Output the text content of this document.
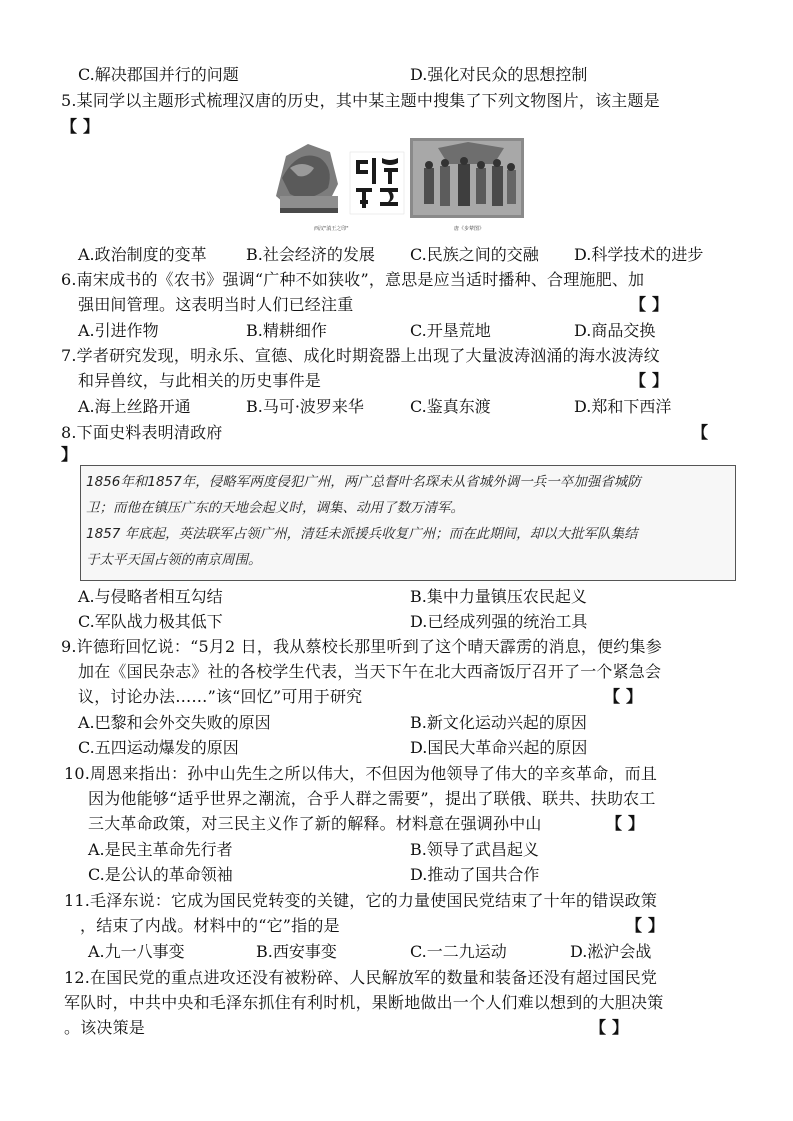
C.解决郡国并行的问题	D.强化对民众的思想控制
5.某同学以主题形式梳理汉唐的历史，其中某主题中搜集了下列文物图片，该主题是
【 】
西汉"滇王之印"	唐《步辇图》
A.政治制度的变革 B.社会经济的发展 C.民族之间的交融 D.科学技术的进步
6.南宋成书的《农书》强调“广种不如狭收”，意思是应当适时播种、合理施肥、加
强田间管理。这表明当时人们已经注重	【 】
A.引进作物	B.精耕细作	C.开垦荒地	D.商品交换
7.学者研究发现，明永乐、宣德、成化时期瓷器上出现了大量波涛汹涌的海水波涛纹
和异兽纹，与此相关的历史事件是	【 】
A.海上丝路开通	B.马可·波罗来华	C.鉴真东渡	D.郑和下西洋
8.下面史料表明清政府	【
】
1856年和1857年，侵略军两度侵犯广州，两广总督叶名琛未从省城外调一兵一卒加强省城防
卫；而他在镇压广东的天地会起义时，调集、动用了数万清军。
1857 年底起，英法联军占领广州，清廷未派援兵收复广州；而在此期间，却以大批军队集结
于太平天国占领的南京周围。
A.与侵略者相互勾结	B.集中力量镇压农民起义
C.军队战力极其低下	D.已经成列强的统治工具
9.许德珩回忆说：“5月2 日，我从蔡校长那里听到了这个晴天霹雳的消息，便约集参
加在《国民杂志》社的各校学生代表，当天下午在北大西斋饭厅召开了一个紧急会
议，讨论办法……”该“回忆”可用于研究	【 】
A.巴黎和会外交失败的原因	B.新文化运动兴起的原因
C.五四运动爆发的原因	D.国民大革命兴起的原因
10.周恩来指出：孙中山先生之所以伟大，不但因为他领导了伟大的辛亥革命，而且
因为他能够“适乎世界之潮流，合乎人群之需要”，提出了联俄、联共、扶助农工
三大革命政策，对三民主义作了新的解释。材料意在强调孙中山	【 】
A.是民主革命先行者	B.领导了武昌起义
C.是公认的革命领袖	D.推动了国共合作
11.毛泽东说：它成为国民党转变的关键，它的力量使国民党结束了十年的错误政策
，结束了内战。材料中的“它”指的是	【 】
A.九一八事变	B.西安事变	C.一二九运动	D.淞沪会战
12.在国民党的重点进攻还没有被粉碎、人民解放军的数量和装备还没有超过国民党
军队时，中共中央和毛泽东抓住有利时机，果断地做出一个人们难以想到的大胆决策
。该决策是	【 】
